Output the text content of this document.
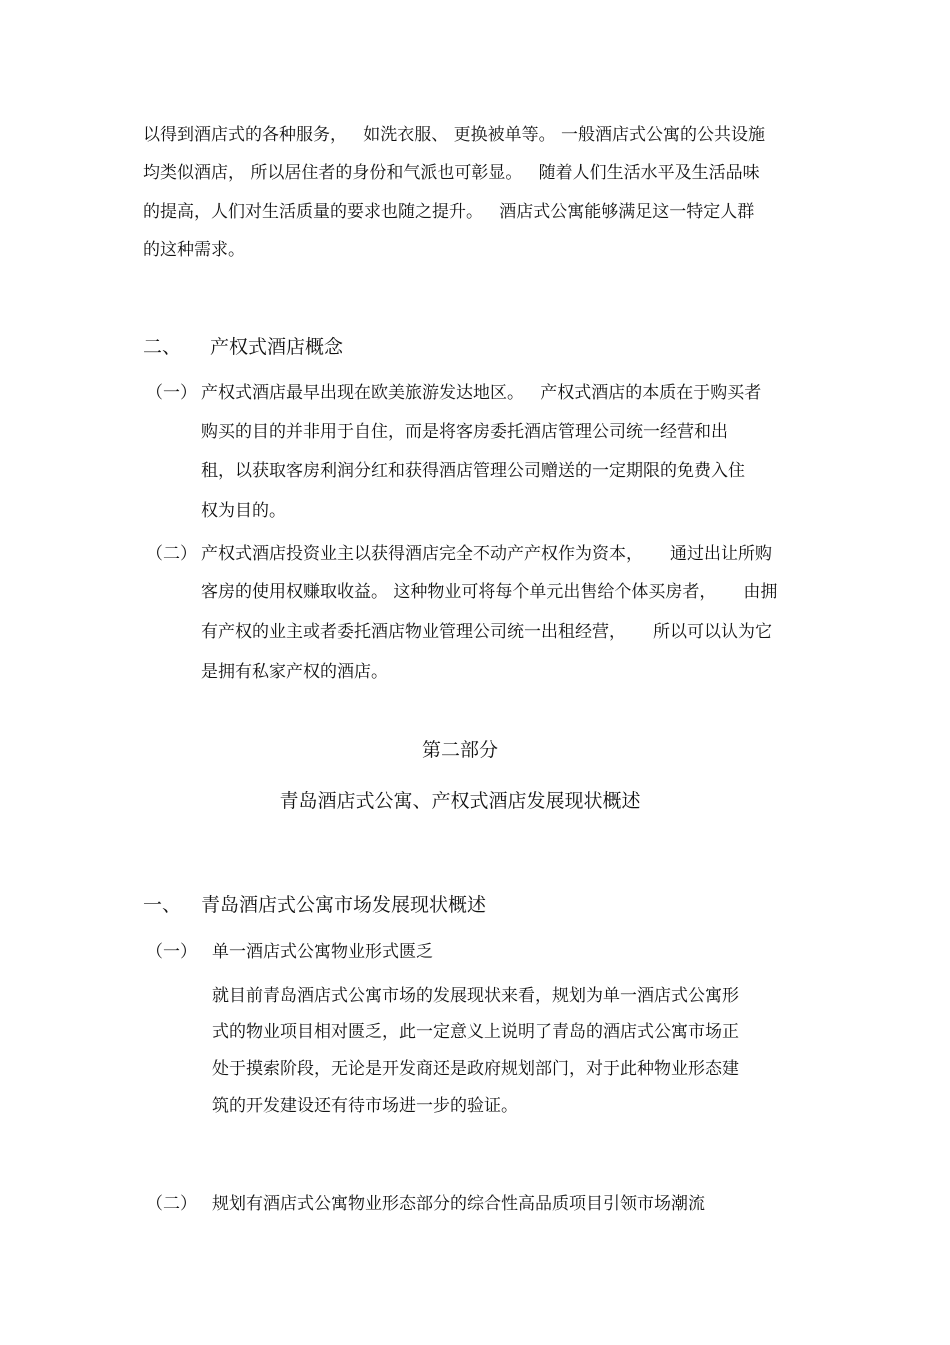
以得到酒店式的各种服务，   如洗衣服、 更换被单等。 一般酒店式公寓的公共设施

均类似酒店， 所以居住者的身份和气派也可彰显。   随着人们生活水平及生活品味

的提高，人们对生活质量的要求也随之提升。   酒店式公寓能够满足这一特定人群

的这种需求。

二、 产权式酒店概念
（一） 产权式酒店最早出现在欧美旅游发达地区。   产权式酒店的本质在于购买者

购买的目的并非用于自住，而是将客房委托酒店管理公司统一经营和出

租，以获取客房利润分红和获得酒店管理公司赠送的一定期限的免费入住

权为目的。

（二） 产权式酒店投资业主以获得酒店完全不动产产权作为资本，     通过出让所购

客房的使用权赚取收益。 这种物业可将每个单元出售给个体买房者，     由拥

有产权的业主或者委托酒店物业管理公司统一出租经营，     所以可以认为它

是拥有私家产权的酒店。

第二部分

青岛酒店式公寓、产权式酒店发展现状概述

一、 青岛酒店式公寓市场发展现状概述
（一） 单一酒店式公寓物业形式匮乏

就目前青岛酒店式公寓市场的发展现状来看，规划为单一酒店式公寓形

式的物业项目相对匮乏，此一定意义上说明了青岛的酒店式公寓市场正

处于摸索阶段，无论是开发商还是政府规划部门，对于此种物业形态建

筑的开发建设还有待市场进一步的验证。

（二） 规划有酒店式公寓物业形态部分的综合性高品质项目引领市场潮流
